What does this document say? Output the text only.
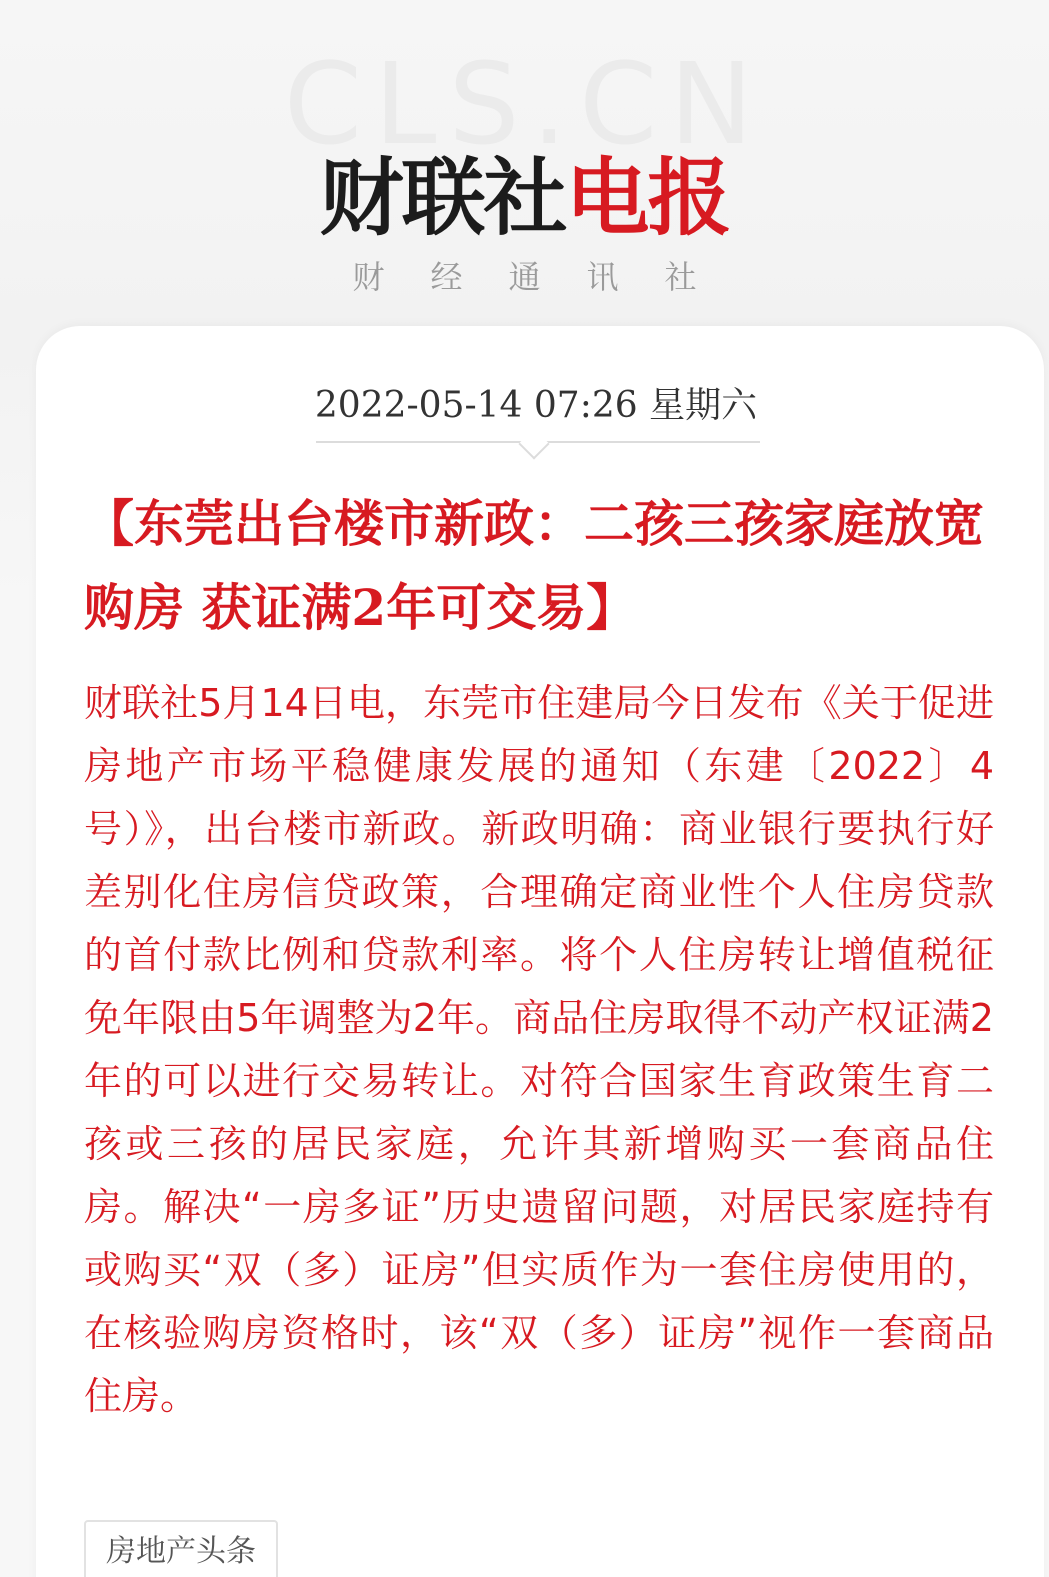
CLS.CN
财联社电报
财经通讯社
2022-05-14 07:26 星期六
【东莞出台楼市新政：二孩三孩家庭放宽购房 获证满2年可交易】

财联社5月14日电，东莞市住建局今日发布《关于促进房地产市场平稳健康发展的通知（东建〔2022〕4号）》，出台楼市新政。新政明确：商业银行要执行好差别化住房信贷政策，合理确定商业性个人住房贷款的首付款比例和贷款利率。将个人住房转让增值税征免年限由5年调整为2年。商品住房取得不动产权证满2年的可以进行交易转让。对符合国家生育政策生育二孩或三孩的居民家庭，允许其新增购买一套商品住房。解决“一房多证”历史遗留问题，对居民家庭持有或购买“双（多）证房”但实质作为一套住房使用的，在核验购房资格时，该“双（多）证房”视作一套商品住房。

房地产头条
